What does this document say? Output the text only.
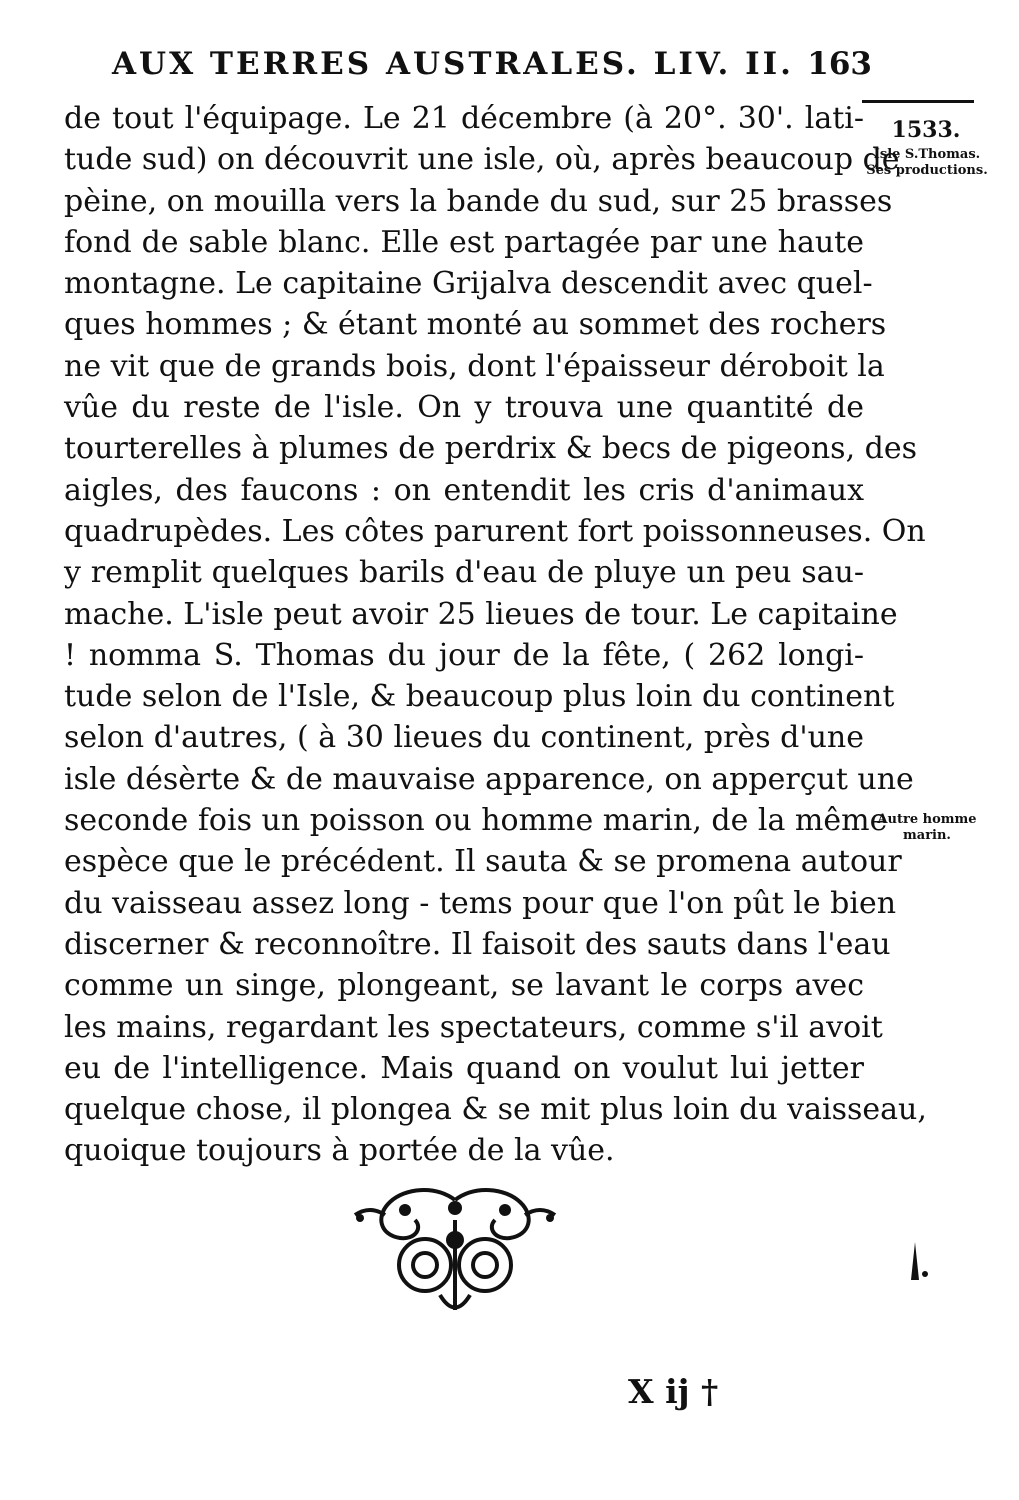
AUX TERRES AUSTRALES. LIV. II. 163
1533.
Isle S.Thomas. Ses productions.
Autre homme marin.
de tout l'équipage. Le 21 décembre (à 20°. 30'. lati-
tude sud) on découvrit une isle, où, après beaucoup de
pèine, on mouilla vers la bande du sud, sur 25 brasses
fond de sable blanc. Elle est partagée par une haute
montagne. Le capitaine Grijalva descendit avec quel-
ques hommes ; & étant monté au sommet des rochers
ne vit que de grands bois, dont l'épaisseur déroboit la
vûe du reste de l'isle. On y trouva une quantité de
tourterelles à plumes de perdrix & becs de pigeons, des
aigles, des faucons : on entendit les cris d'animaux
quadrupèdes. Les côtes parurent fort poissonneuses. On
y remplit quelques barils d'eau de pluye un peu sau-
mache. L'isle peut avoir 25 lieues de tour. Le capitaine
! nomma S. Thomas du jour de la fête, ( 262 longi-
tude selon de l'Isle, & beaucoup plus loin du continent
selon d'autres, ( à 30 lieues du continent, près d'une
isle désèrte & de mauvaise apparence, on apperçut une
seconde fois un poisson ou homme marin, de la même
espèce que le précédent. Il sauta & se promena autour
du vaisseau assez long - tems pour que l'on pût le bien
discerner & reconnoître. Il faisoit des sauts dans l'eau
comme un singe, plongeant, se lavant le corps avec
les mains, regardant les spectateurs, comme s'il avoit
eu de l'intelligence. Mais quand on voulut lui jetter
quelque chose, il plongea & se mit plus loin du vaisseau,
quoique toujours à portée de la vûe.
X ij †
